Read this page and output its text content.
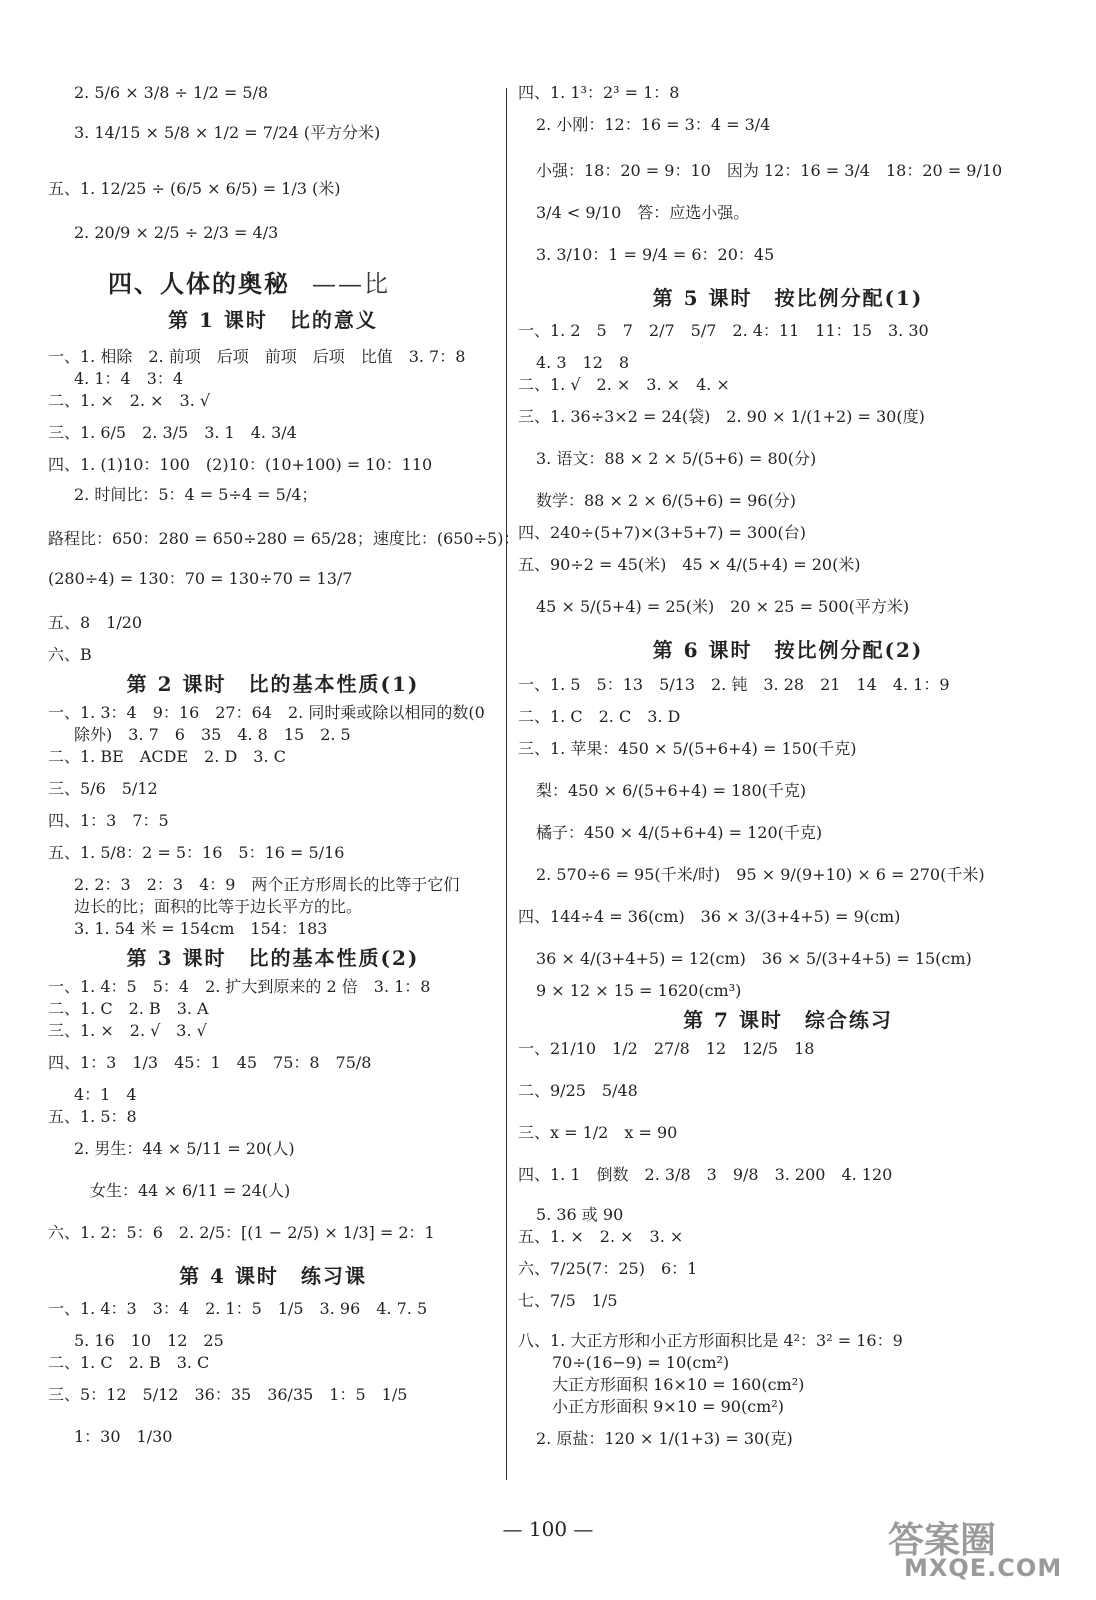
2. 5/6 × 3/8 ÷ 1/2 = 5/8
3. 14/15 × 5/8 × 1/2 = 7/24 (平方分米)
五、1. 12/25 ÷ (6/5 × 6/5) = 1/3 (米)
2. 20/9 × 2/5 ÷ 2/3 = 4/3
一、1. 相除　2. 前项　后项　前项　后项　比值　3. 7：8
4. 1：4　3：4
二、1. ×　2. ×　3. √
三、1. 6/5　2. 3/5　3. 1　4. 3/4
四、1. (1)10：100　(2)10：(10+100) = 10：110
2. 时间比：5：4 = 5÷4 = 5/4；
路程比：650：280 = 650÷280 = 65/28；速度比：(650÷5)：
(280÷4) = 130：70 = 130÷70 = 13/7
五、8　1/20
六、B
一、1. 3：4　9：16　27：64　2. 同时乘或除以相同的数(0
除外)　3. 7　6　35　4. 8　15　2. 5
二、1. BE　ACDE　2. D　3. C
三、5/6　5/12
四、1：3　7：5
五、1. 5/8：2 = 5：16　5：16 = 5/16
2. 2：3　2：3　4：9　两个正方形周长的比等于它们
边长的比；面积的比等于边长平方的比。
3. 1. 54 米 = 154cm　154：183
一、1. 4：5　5：4　2. 扩大到原来的 2 倍　3. 1：8
二、1. C　2. B　3. A
三、1. ×　2. √　3. √
四、1：3　1/3　45：1　45　75：8　75/8
4：1　4
五、1. 5：8
2. 男生：44 × 5/11 = 20(人)
女生：44 × 6/11 = 24(人)
六、1. 2：5：6　2. 2/5：[(1 − 2/5) × 1/3] = 2：1
一、1. 4：3　3：4　2. 1：5　1/5　3. 96　4. 7. 5
5. 16　10　12　25
二、1. C　2. B　3. C
三、5：12　5/12　36：35　36/35　1：5　1/5
1：30　1/30
第 1 课时　比的意义
第 2 课时　比的基本性质(1)
第 3 课时　比的基本性质(2)
第 4 课时　练习课
四、人体的奥秘 ——比
四、1. 1³：2³ = 1：8
2. 小刚：12：16 = 3：4 = 3/4
小强：18：20 = 9：10　因为 12：16 = 3/4　18：20 = 9/10
3/4 < 9/10　答：应选小强。
3. 3/10：1 = 9/4 = 6：20：45
一、1. 2　5　7　2/7　5/7　2. 4：11　11：15　3. 30
4. 3　12　8
二、1. √　2. ×　3. ×　4. ×
三、1. 36÷3×2 = 24(袋)　2. 90 × 1/(1+2) = 30(度)
3. 语文：88 × 2 × 5/(5+6) = 80(分)
数学：88 × 2 × 6/(5+6) = 96(分)
四、240÷(5+7)×(3+5+7) = 300(台)
五、90÷2 = 45(米)　45 × 4/(5+4) = 20(米)
45 × 5/(5+4) = 25(米)　20 × 25 = 500(平方米)
一、1. 5　5：13　5/13　2. 钝　3. 28　21　14　4. 1：9
二、1. C　2. C　3. D
三、1. 苹果：450 × 5/(5+6+4) = 150(千克)
梨：450 × 6/(5+6+4) = 180(千克)
橘子：450 × 4/(5+6+4) = 120(千克)
2. 570÷6 = 95(千米/时)　95 × 9/(9+10) × 6 = 270(千米)
四、144÷4 = 36(cm)　36 × 3/(3+4+5) = 9(cm)
36 × 4/(3+4+5) = 12(cm)　36 × 5/(3+4+5) = 15(cm)
9 × 12 × 15 = 1620(cm³)
一、21/10　1/2　27/8　12　12/5　18
二、9/25　5/48
三、x = 1/2　x = 90
四、1. 1　倒数　2. 3/8　3　9/8　3. 200　4. 120
5. 36 或 90
五、1. ×　2. ×　3. ×
六、7/25(7：25)　6：1
七、7/5　1/5
八、1. 大正方形和小正方形面积比是 4²：3² = 16：9
70÷(16−9) = 10(cm²)
大正方形面积 16×10 = 160(cm²)
小正方形面积 9×10 = 90(cm²)
2. 原盐：120 × 1/(1+3) = 30(克)
第 5 课时　按比例分配(1)
第 6 课时　按比例分配(2)
第 7 课时　综合练习
— 100 —	答案圈
MXQE.COM
